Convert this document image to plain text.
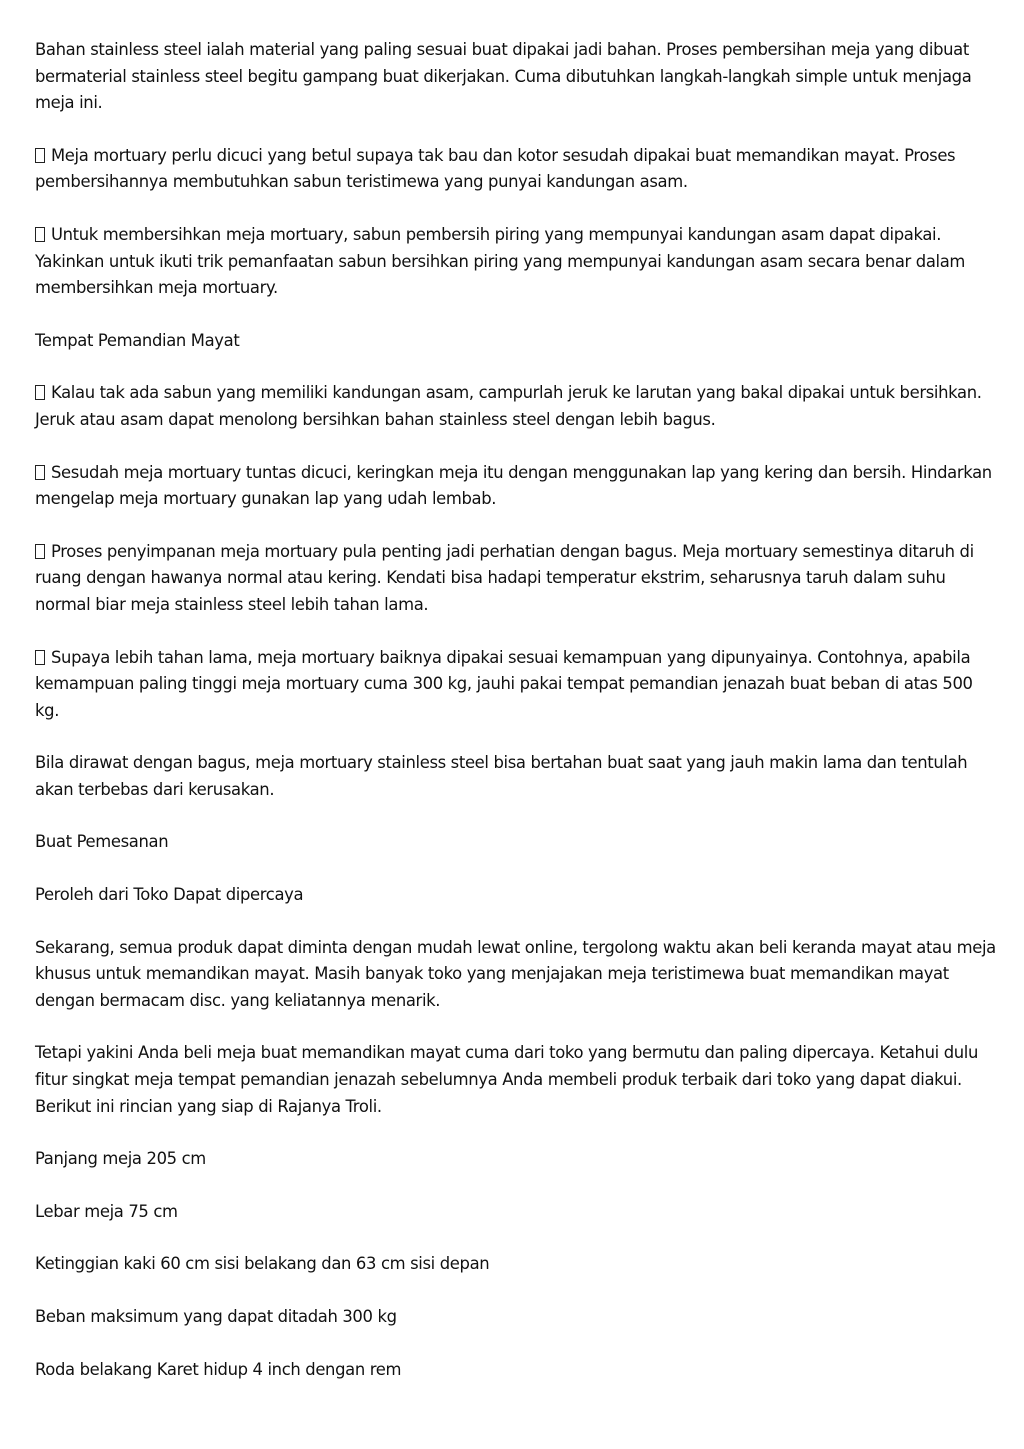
Bahan stainless steel ialah material yang paling sesuai buat dipakai jadi bahan. Proses pembersihan meja yang dibuat bermaterial stainless steel begitu gampang buat dikerjakan. Cuma dibutuhkan langkah-langkah simple untuk menjaga meja ini.

Meja mortuary perlu dicuci yang betul supaya tak bau dan kotor sesudah dipakai buat memandikan mayat. Proses pembersihannya membutuhkan sabun teristimewa yang punyai kandungan asam.

Untuk membersihkan meja mortuary, sabun pembersih piring yang mempunyai kandungan asam dapat dipakai. Yakinkan untuk ikuti trik pemanfaatan sabun bersihkan piring yang mempunyai kandungan asam secara benar dalam membersihkan meja mortuary.

Tempat Pemandian Mayat

Kalau tak ada sabun yang memiliki kandungan asam, campurlah jeruk ke larutan yang bakal dipakai untuk bersihkan. Jeruk atau asam dapat menolong bersihkan bahan stainless steel dengan lebih bagus.

Sesudah meja mortuary tuntas dicuci, keringkan meja itu dengan menggunakan lap yang kering dan bersih. Hindarkan mengelap meja mortuary gunakan lap yang udah lembab.

Proses penyimpanan meja mortuary pula penting jadi perhatian dengan bagus. Meja mortuary semestinya ditaruh di ruang dengan hawanya normal atau kering. Kendati bisa hadapi temperatur ekstrim, seharusnya taruh dalam suhu normal biar meja stainless steel lebih tahan lama.

Supaya lebih tahan lama, meja mortuary baiknya dipakai sesuai kemampuan yang dipunyainya. Contohnya, apabila kemampuan paling tinggi meja mortuary cuma 300 kg, jauhi pakai tempat pemandian jenazah buat beban di atas 500 kg.

Bila dirawat dengan bagus, meja mortuary stainless steel bisa bertahan buat saat yang jauh makin lama dan tentulah akan terbebas dari kerusakan.

Buat Pemesanan

Peroleh dari Toko Dapat dipercaya

Sekarang, semua produk dapat diminta dengan mudah lewat online, tergolong waktu akan beli keranda mayat atau meja khusus untuk memandikan mayat. Masih banyak toko yang menjajakan meja teristimewa buat memandikan mayat dengan bermacam disc. yang keliatannya menarik.

Tetapi yakini Anda beli meja buat memandikan mayat cuma dari toko yang bermutu dan paling dipercaya. Ketahui dulu fitur singkat meja tempat pemandian jenazah sebelumnya Anda membeli produk terbaik dari toko yang dapat diakui. Berikut ini rincian yang siap di Rajanya Troli.

Panjang meja 205 cm

Lebar meja 75 cm

Ketinggian kaki 60 cm sisi belakang dan 63 cm sisi depan

Beban maksimum yang dapat ditadah 300 kg

Roda belakang Karet hidup 4 inch dengan rem
